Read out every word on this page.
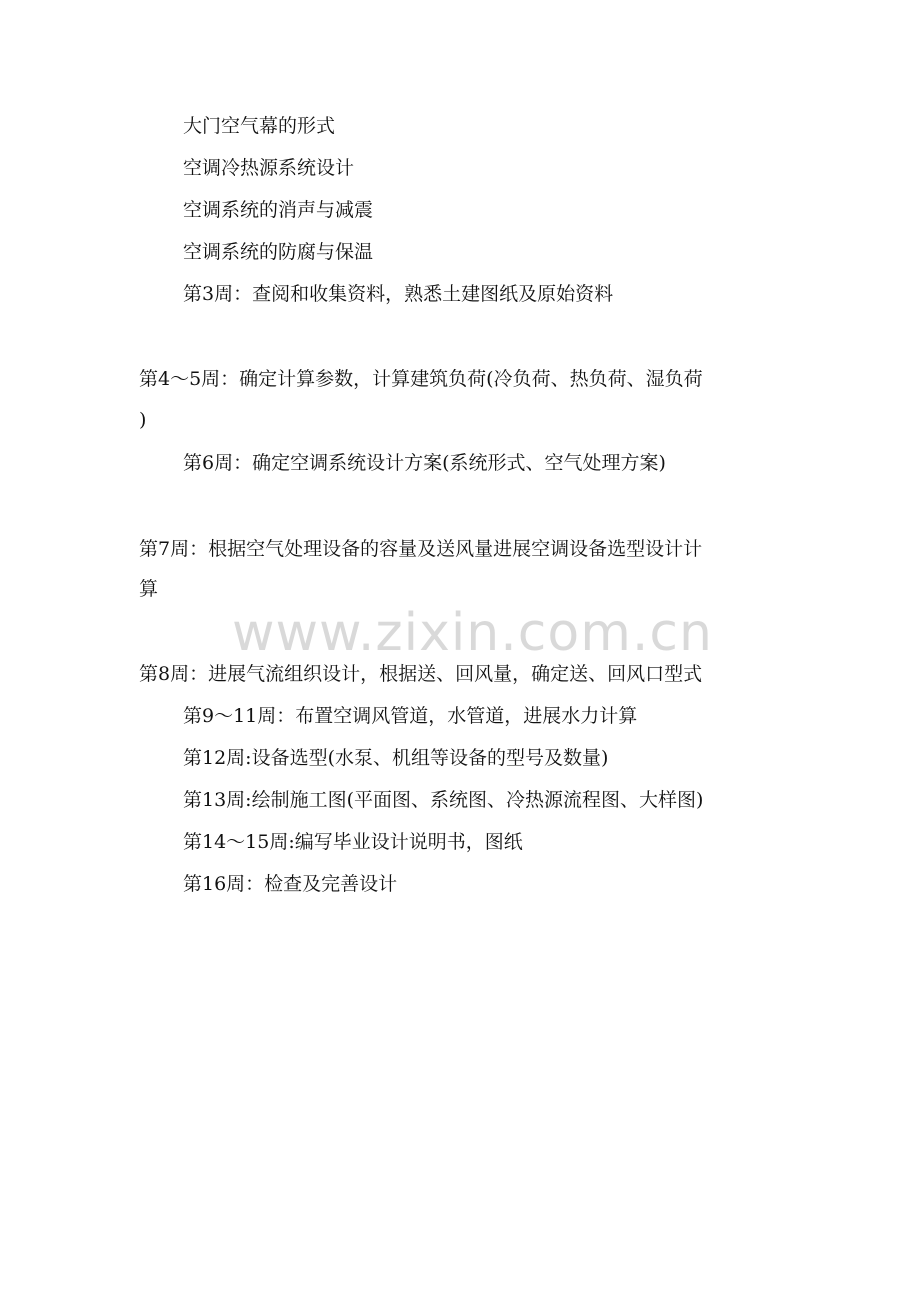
大门空气幕的形式
空调冷热源系统设计
空调系统的消声与减震
空调系统的防腐与保温
第3周：查阅和收集资料，熟悉土建图纸及原始资料
第4～5周：确定计算参数，计算建筑负荷(冷负荷、热负荷、湿负荷
)
第6周：确定空调系统设计方案(系统形式、空气处理方案)
第7周：根据空气处理设备的容量及送风量进展空调设备选型设计计
算
www.zixin.com.cn
第8周：进展气流组织设计，根据送、回风量，确定送、回风口型式
第9～11周：布置空调风管道，水管道，进展水力计算
第12周:设备选型(水泵、机组等设备的型号及数量)
第13周:绘制施工图(平面图、系统图、冷热源流程图、大样图)
第14～15周:编写毕业设计说明书，图纸
第16周：检查及完善设计
